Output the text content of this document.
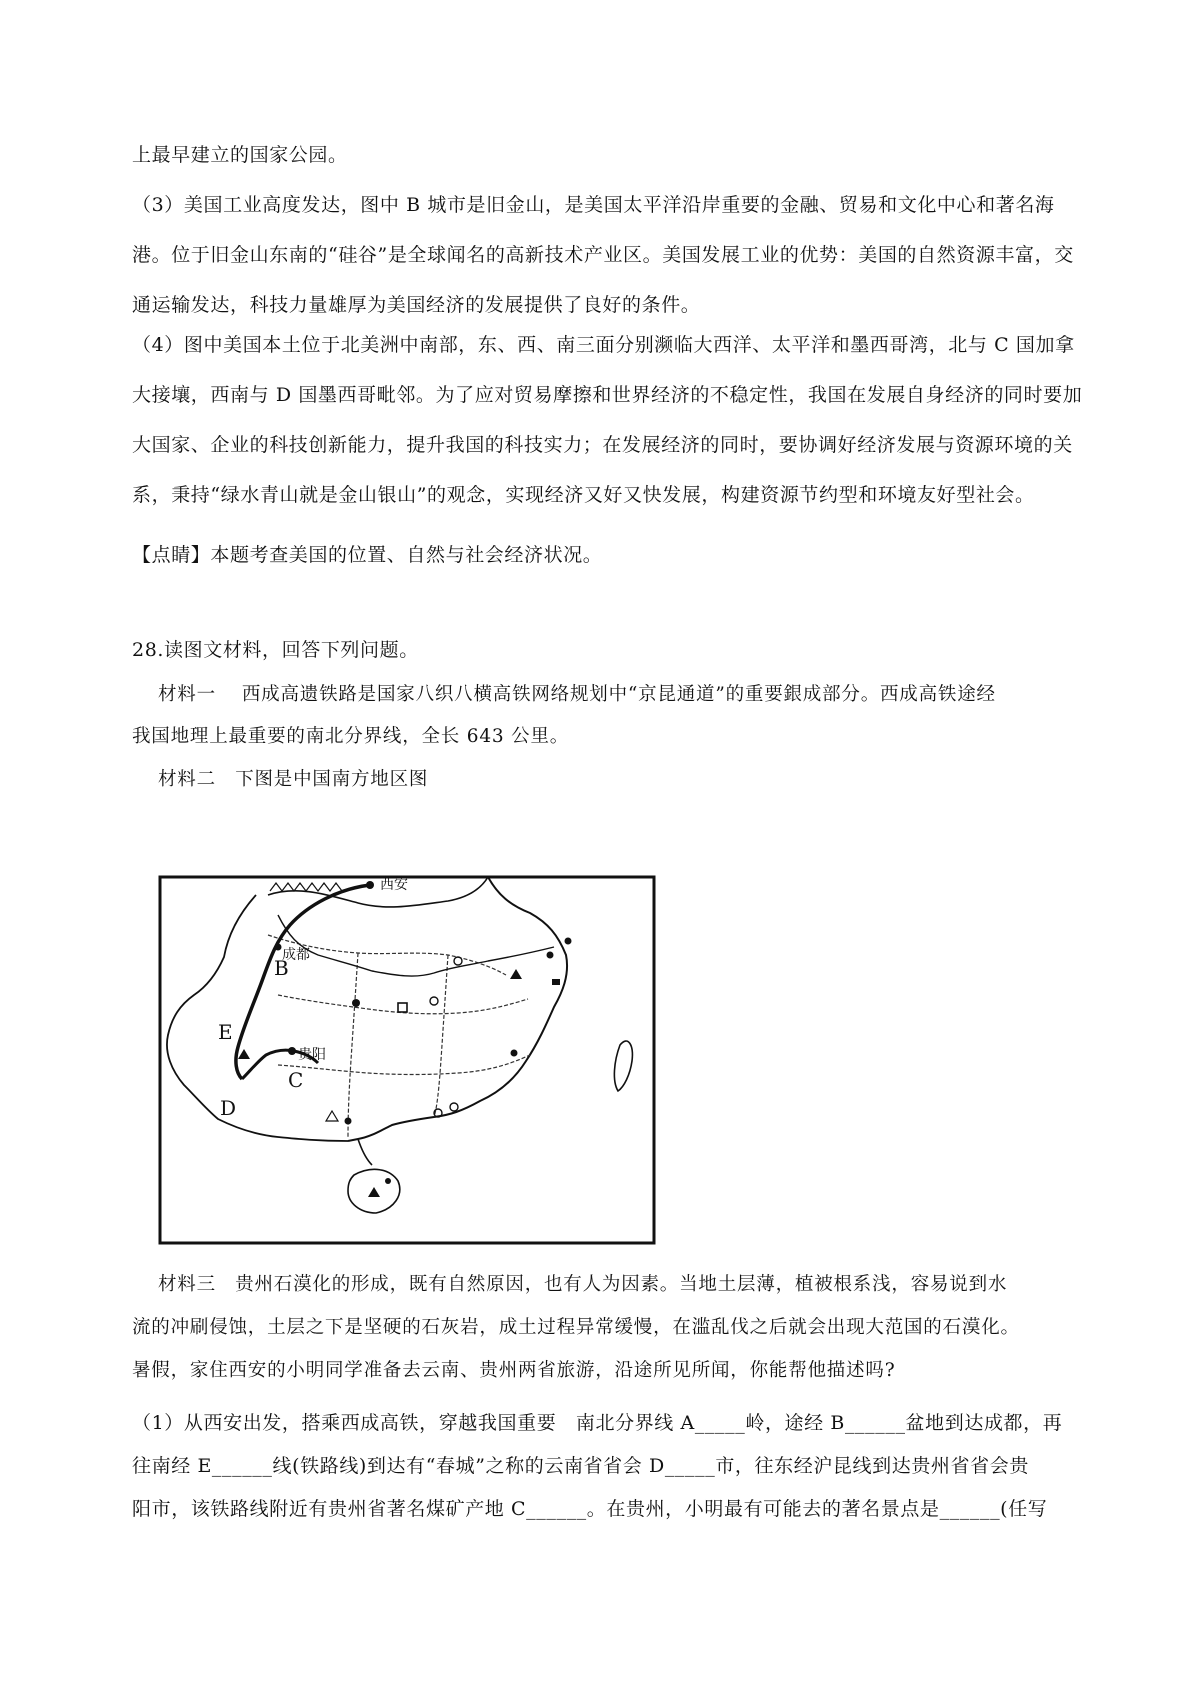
上最早建立的国家公园。

（3）美国工业高度发达，图中 B 城市是旧金山，是美国太平洋沿岸重要的金融、贸易和文化中心和著名海港。位于旧金山东南的“硅谷”是全球闻名的高新技术产业区。美国发展工业的优势：美国的自然资源丰富，交通运输发达，科技力量雄厚为美国经济的发展提供了良好的条件。

（4）图中美国本土位于北美洲中南部，东、西、南三面分别濒临大西洋、太平洋和墨西哥湾，北与 C 国加拿大接壤，西南与 D 国墨西哥毗邻。为了应对贸易摩擦和世界经济的不稳定性，我国在发展自身经济的同时要加大国家、企业的科技创新能力，提升我国的科技实力；在发展经济的同时，要协调好经济发展与资源环境的关系，秉持“绿水青山就是金山银山”的观念，实现经济又好又快发展，构建资源节约型和环境友好型社会。

【点睛】本题考查美国的位置、自然与社会经济状况。

28.读图文材料，回答下列问题。

材料一　 西成高遗铁路是国家八织八横高铁网络规划中“京昆通道”的重要銀成部分。西成高铁途经

我国地理上最重要的南北分界线，全长 643 公里。

材料二　下图是中国南方地区图

B
E
C
D
成都
贵阳
西安

材料三　贵州石漠化的形成，既有自然原因，也有人为因素。当地土层薄，植被根系浅，容易说到水

流的冲刷侵蚀，土层之下是坚硬的石灰岩，成土过程异常缓慢，在滥乱伐之后就会出现大范国的石漠化。

暑假，家住西安的小明同学准备去云南、贵州两省旅游，沿途所见所闻，你能帮他描述吗?

（1）从西安出发，搭乘西成高铁，穿越我国重要　南北分界线 A_____岭，途经 B______盆地到达成都，再

往南经 E______线(铁路线)到达有“春城”之称的云南省省会 D_____市，往东经沪昆线到达贵州省省会贵

阳市，该铁路线附近有贵州省著名煤矿产地 C______。在贵州，小明最有可能去的著名景点是______(任写
